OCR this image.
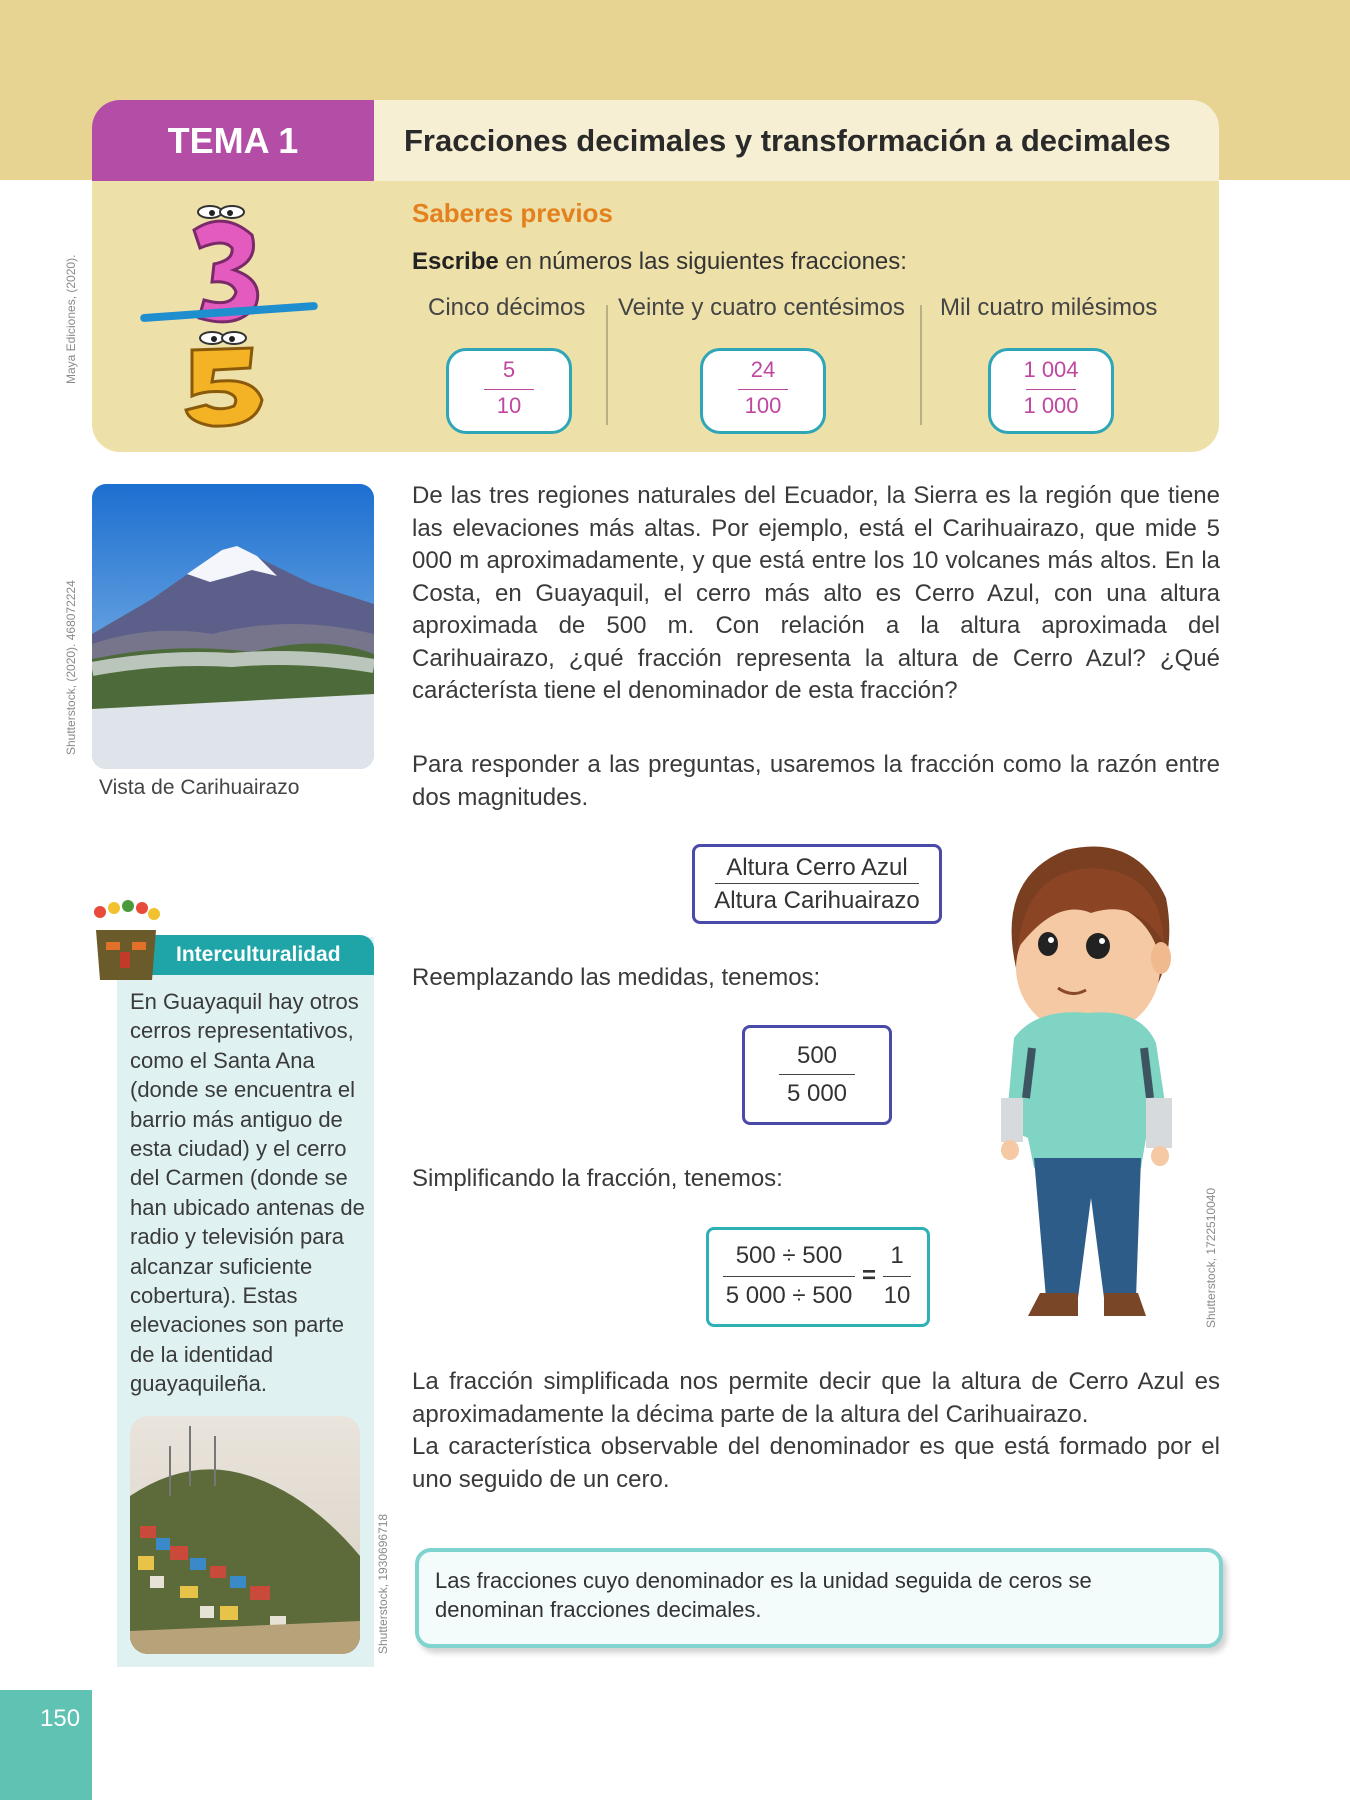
TEMA 1	Fracciones decimales y transformación a decimales
Saberes previos
Escribe en números las siguientes fracciones:
Cinco décimos Veinte y cuatro centésimos Mil cuatro milésimos
5
10
24
100
1 004
1 000
Maya Ediciones, (2020).
Shutterstock, (2020). 468072224
Shutterstock, 1930696718
Shutterstock, 1722510040
Vista de Carihuairazo

De las tres regiones naturales del Ecuador, la Sierra es la región que tiene las elevaciones más altas. Por ejemplo, está el Carihuairazo, que mide 5 000 m aproximadamente, y que está entre los 10 volcanes más altos. En la Costa, en Guayaquil, el cerro más alto es Cerro Azul, con una altura aproximada de 500 m. Con relación a la altura aproximada del Carihuairazo, ¿qué fracción representa la altura de Cerro Azul? ¿Qué carácterísta tiene el denominador de esta fracción?

Para responder a las preguntas, usaremos la fracción como la razón entre dos magnitudes.

Altura Cerro Azul
Altura Carihuairazo
Reemplazando las medidas, tenemos:
500
5 000
Simplificando la fracción, tenemos:
500 ÷ 500
5 000 ÷ 500
=
1
10

La fracción simplificada nos permite decir que la altura de Cerro Azul es aproximadamente la décima parte de la altura del Carihuairazo.

La característica observable del denominador es que está formado por el uno seguido de un cero.

Interculturalidad

En Guayaquil hay otros cerros representativos, como el Santa Ana (donde se encuentra el barrio más antiguo de esta ciudad) y el cerro del Carmen (donde se han ubicado antenas de radio y televisión para alcanzar suficiente cobertura). Estas elevaciones son parte de la identidad guayaquileña.

Las fracciones cuyo denominador es la unidad seguida de ceros se denominan fracciones decimales.

150
